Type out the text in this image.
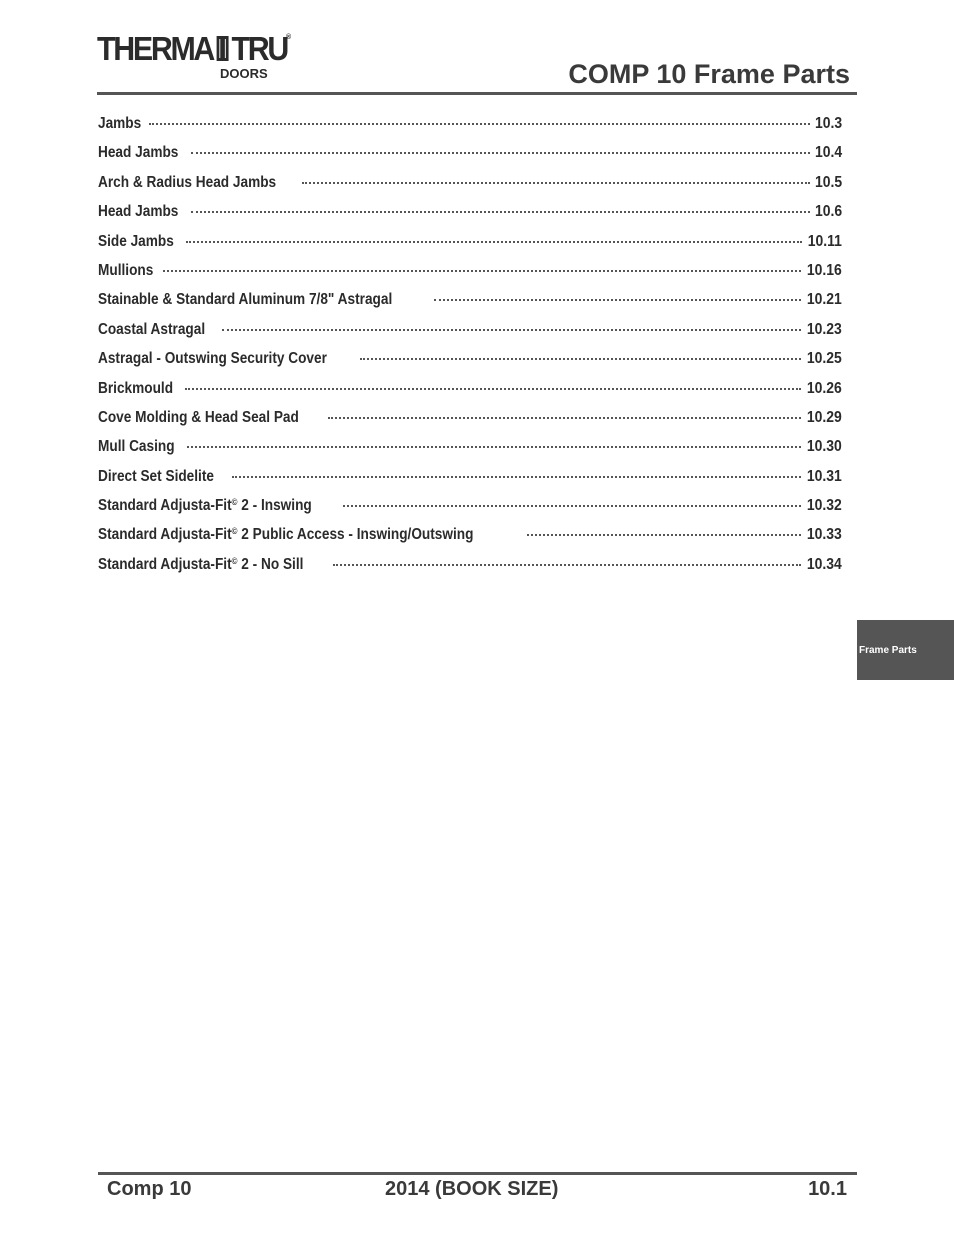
THERMA TRU ®
DOORS	COMP 10 Frame Parts
Jambs	10.3
Head Jambs	10.4
Arch & Radius Head Jambs	10.5
Head Jambs	10.6
Side Jambs	10.11
Mullions	10.16
Stainable & Standard Aluminum 7/8" Astragal	10.21
Coastal Astragal	10.23
Astragal - Outswing Security Cover	10.25
Brickmould	10.26
Cove Molding & Head Seal Pad	10.29
Mull Casing	10.30
Direct Set Sidelite	10.31
Standard Adjusta-Fit© 2 - Inswing	10.32
Standard Adjusta-Fit© 2 Public Access - Inswing/Outswing	10.33
Standard Adjusta-Fit© 2 - No Sill	10.34
Frame Parts
Comp 10	2014 (BOOK SIZE)	10.1
